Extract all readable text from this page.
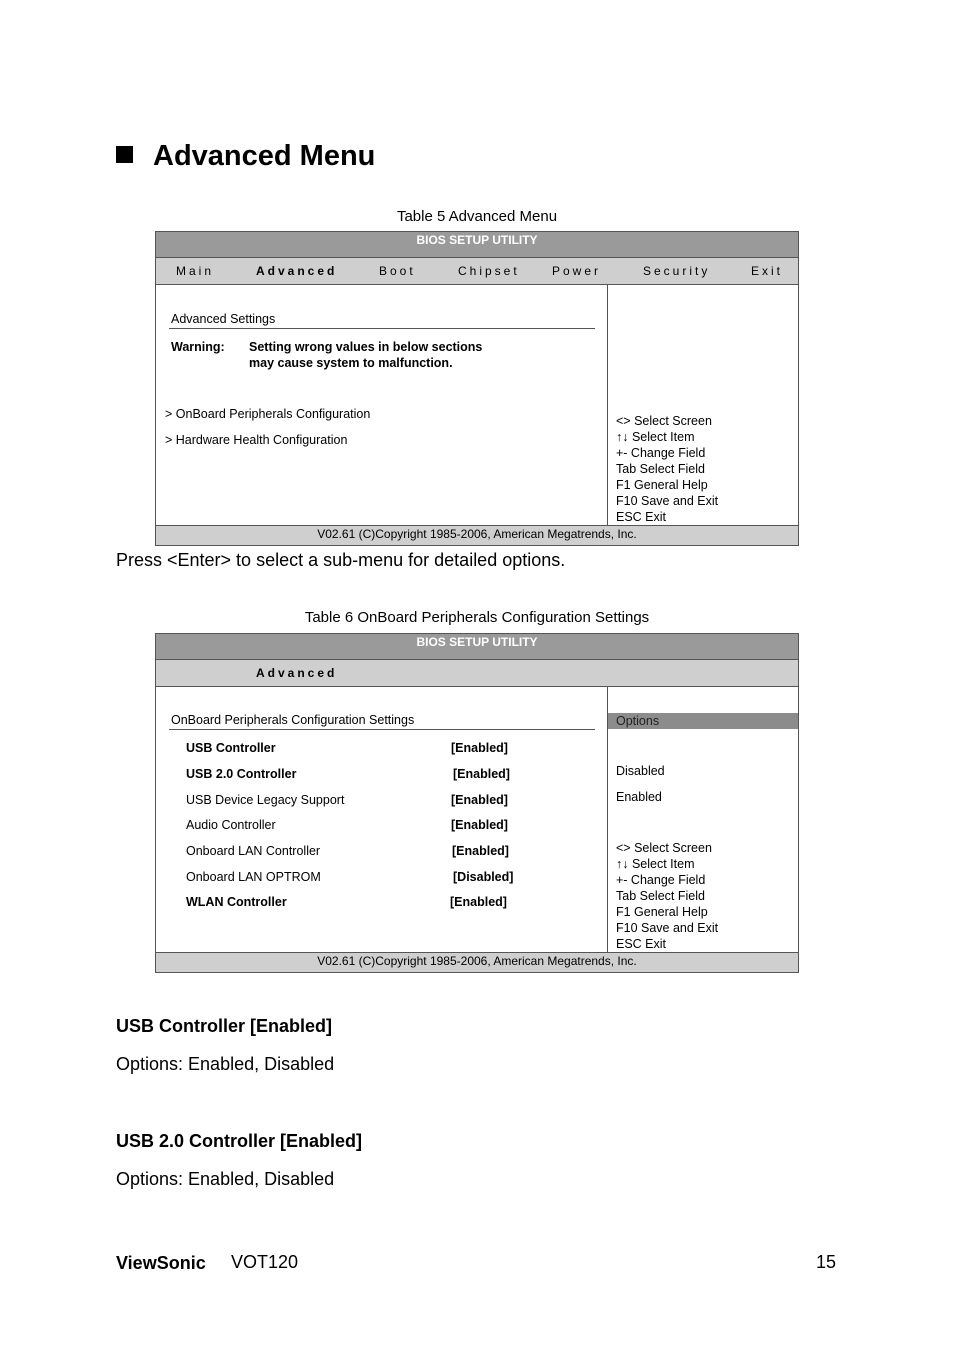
Advanced Menu
Table 5 Advanced Menu
BIOS SETUP UTILITY
Main	Advanced	Boot	Chipset	Power	Security	Exit
Advanced Settings
Warning: Setting wrong values in below sections
may cause system to malfunction.
> OnBoard Peripherals Configuration
> Hardware Health Configuration
<> Select Screen
↑↓ Select Item
+- Change Field
Tab Select Field
F1 General Help
F10 Save and Exit
ESC Exit
V02.61 (C)Copyright 1985-2006, American Megatrends, Inc.
Press <Enter> to select a sub-menu for detailed options.
Table 6 OnBoard Peripherals Configuration Settings
BIOS SETUP UTILITY
Advanced
OnBoard Peripherals Configuration Settings
USB Controller	[Enabled]
USB 2.0 Controller	[Enabled]
USB Device Legacy Support	[Enabled]
Audio Controller	[Enabled]
Onboard LAN Controller	[Enabled]
Onboard LAN OPTROM	[Disabled]
WLAN Controller	[Enabled]
Options
Disabled
Enabled
<> Select Screen
↑↓ Select Item
+- Change Field
Tab Select Field
F1 General Help
F10 Save and Exit
ESC Exit
V02.61 (C)Copyright 1985-2006, American Megatrends, Inc.
USB Controller [Enabled]
Options: Enabled, Disabled
USB 2.0 Controller [Enabled]
Options: Enabled, Disabled
ViewSonic VOT120	15
